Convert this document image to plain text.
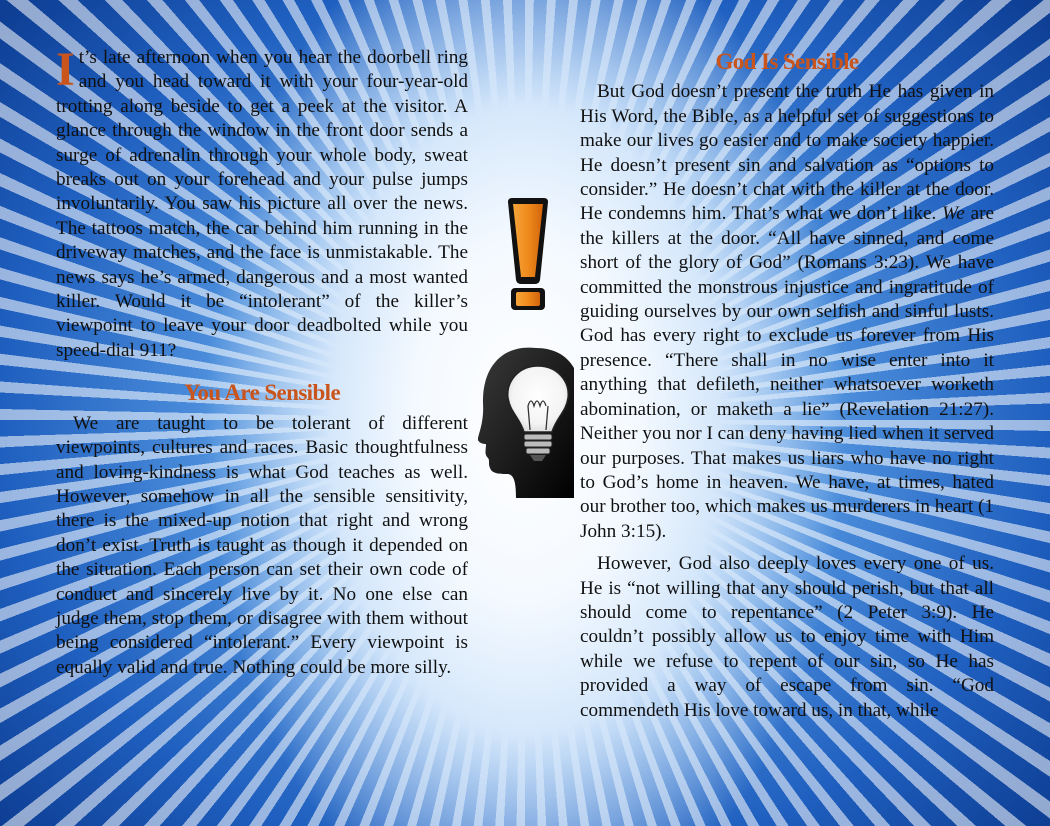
It’s late afternoon when you hear the doorbell ring and you head toward it with your four-year-old trotting along beside to get a peek at the visitor. A glance through the window in the front door sends a surge of adrenalin through your whole body, sweat breaks out on your forehead and your pulse jumps involuntarily. You saw his picture all over the news. The tattoos match, the car behind him running in the driveway matches, and the face is unmistakable. The news says he’s armed, dangerous and a most wanted killer. Would it be “intolerant” of the killer’s viewpoint to leave your door deadbolted while you speed-dial 911?

You Are Sensible

We are taught to be tolerant of different viewpoints, cultures and races. Basic thoughtfulness and loving-kindness is what God teaches as well. However, somehow in all the sensible sensitivity, there is the mixed-up notion that right and wrong don’t exist. Truth is taught as though it depended on the situation. Each person can set their own code of conduct and sincerely live by it. No one else can judge them, stop them, or disagree with them without being considered “intolerant.” Every viewpoint is equally valid and true. Nothing could be more silly.

God Is Sensible

But God doesn’t present the truth He has given in His Word, the Bible, as a helpful set of suggestions to make our lives go easier and to make society happier. He doesn’t present sin and salvation as “options to consider.” He doesn’t chat with the killer at the door. He condemns him. That’s what we don’t like. We are the killers at the door. “All have sinned, and come short of the glory of God” (Romans 3:23). We have committed the monstrous injustice and ingratitude of guiding ourselves by our own selfish and sinful lusts. God has every right to exclude us forever from His presence. “There shall in no wise enter into it anything that defileth, neither whatsoever worketh abomination, or maketh a lie” (Revelation 21:27). Neither you nor I can deny having lied when it served our purposes. That makes us liars who have no right to God’s home in heaven. We have, at times, hated our brother too, which makes us murderers in heart (1 John 3:15).

However, God also deeply loves every one of us. He is “not willing that any should perish, but that all should come to repentance” (2 Peter 3:9). He couldn’t possibly allow us to enjoy time with Him while we refuse to repent of our sin, so He has provided a way of escape from sin. “God commendeth His love toward us, in that, while
